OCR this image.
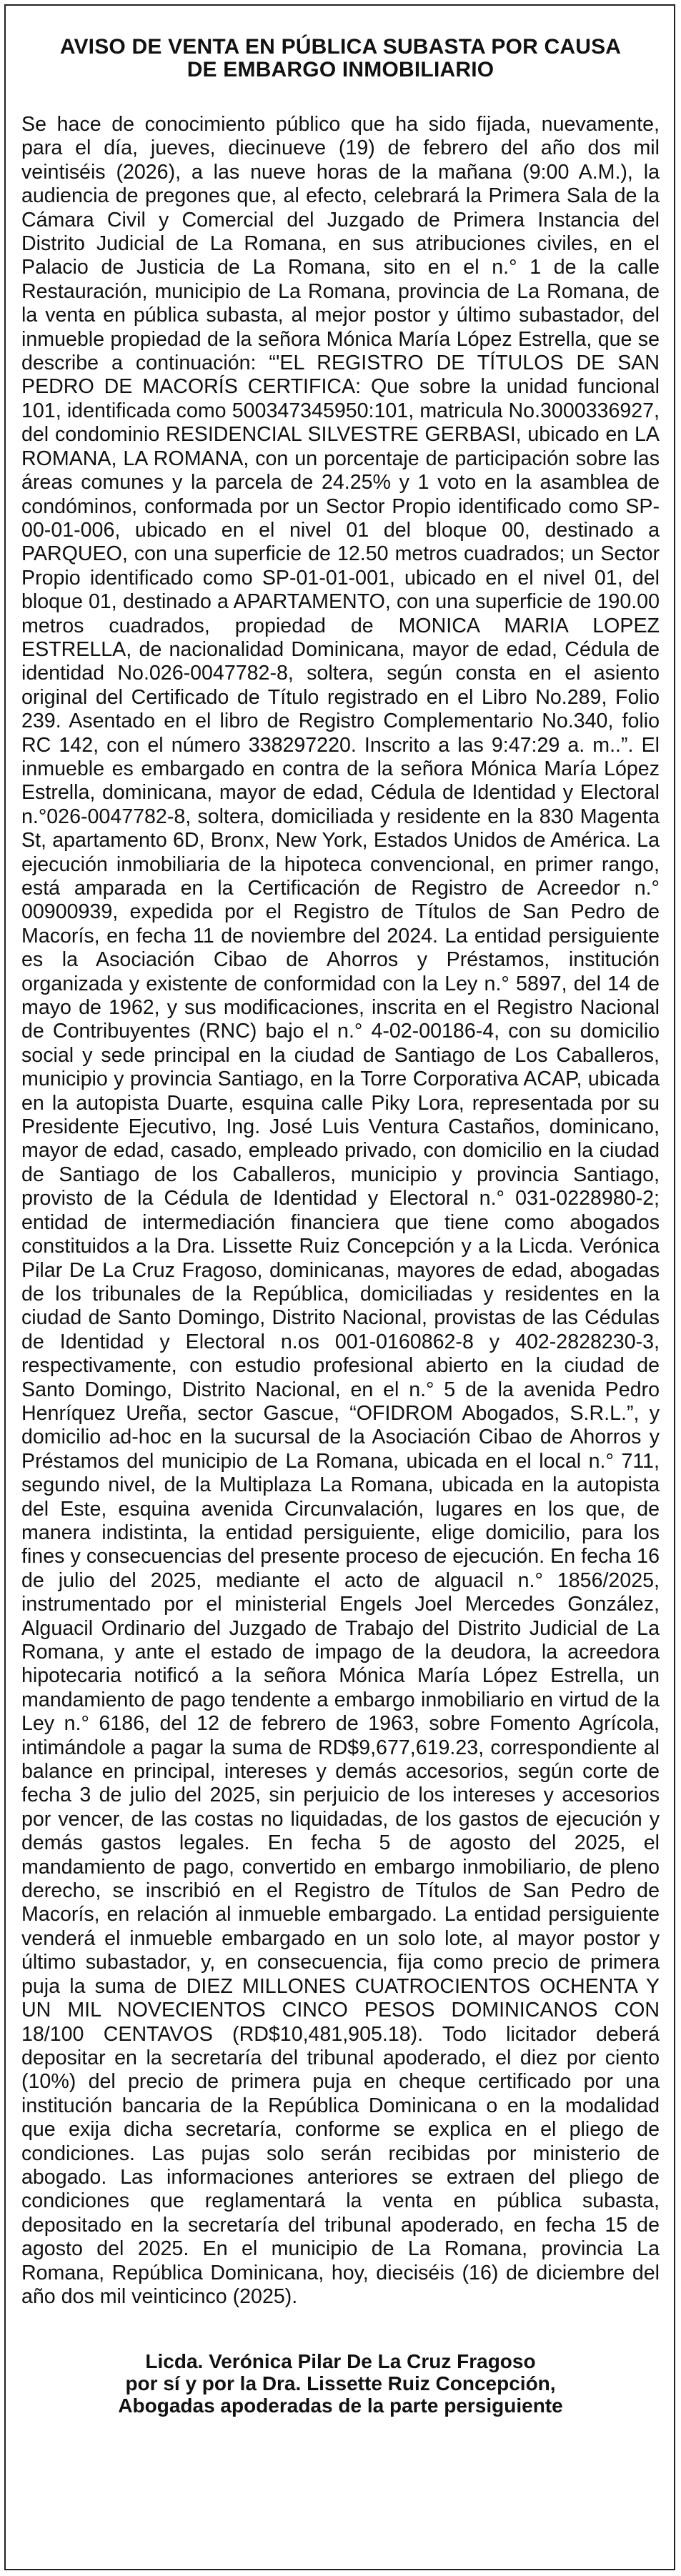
AVISO DE VENTA EN PÚBLICA SUBASTA POR CAUSA
DE EMBARGO INMOBILIARIO

Se hace de conocimiento público que ha sido fijada, nuevamente, para el día, jueves, diecinueve (19) de febrero del año dos mil veintiséis (2026), a las nueve horas de la mañana (9:00 A.M.), la audiencia de pregones que, al efecto, celebrará la Primera Sala de la Cámara Civil y Comercial del Juzgado de Primera Instancia del Distrito Judicial de La Romana, en sus atribuciones civiles, en el Palacio de Justicia de La Romana, sito en el n.° 1 de la calle Restauración, municipio de La Romana, provincia de La Romana, de la venta en pública subasta, al mejor postor y último subastador, del inmueble propiedad de la señora Mónica María López Estrella, que se describe a continuación: “'EL REGISTRO DE TÍTULOS DE SAN PEDRO DE MACORÍS CERTIFICA: Que sobre la unidad funcional 101, identificada como 500347345950:101, matricula No.3000336927, del condominio RESIDENCIAL SILVESTRE GERBASI, ubicado en LA ROMANA, LA ROMANA, con un porcentaje de participación sobre las áreas comunes y la parcela de 24.25% y 1 voto en la asamblea de condóminos, conformada por un Sector Propio identificado como SP-00-01-006, ubicado en el nivel 01 del bloque 00, destinado a PARQUEO, con una superficie de 12.50 metros cuadrados; un Sector Propio identificado como SP-01-01-001, ubicado en el nivel 01, del bloque 01, destinado a APARTAMENTO, con una superficie de 190.00 metros cuadrados, propiedad de MONICA MARIA LOPEZ ESTRELLA, de nacionalidad Dominicana, mayor de edad, Cédula de identidad No.026-0047782-8, soltera, según consta en el asiento original del Certificado de Título registrado en el Libro No.289, Folio 239. Asentado en el libro de Registro Complementario No.340, folio RC 142, con el número 338297220. Inscrito a las 9:47:29 a. m..”. El inmueble es embargado en contra de la señora Mónica María López Estrella, dominicana, mayor de edad, Cédula de Identidad y Electoral n.°026-0047782-8, soltera, domiciliada y residente en la 830 Magenta St, apartamento 6D, Bronx, New York, Estados Unidos de América. La ejecución inmobiliaria de la hipoteca convencional, en primer rango, está amparada en la Certificación de Registro de Acreedor n.° 00900939, expedida por el Registro de Títulos de San Pedro de Macorís, en fecha 11 de noviembre del 2024. La entidad persiguiente es la Asociación Cibao de Ahorros y Préstamos, institución organizada y existente de conformidad con la Ley n.° 5897, del 14 de mayo de 1962, y sus modificaciones, inscrita en el Registro Nacional de Contribuyentes (RNC) bajo el n.° 4-02-00186-4, con su domicilio social y sede principal en la ciudad de Santiago de Los Caballeros, municipio y provincia Santiago, en la Torre Corporativa ACAP, ubicada en la autopista Duarte, esquina calle Piky Lora, representada por su Presidente Ejecutivo, Ing. José Luis Ventura Castaños, dominicano, mayor de edad, casado, empleado privado, con domicilio en la ciudad de Santiago de los Caballeros, municipio y provincia Santiago, provisto de la Cédula de Identidad y Electoral n.° 031-0228980-2; entidad de intermediación financiera que tiene como abogados constituidos a la Dra. Lissette Ruiz Concepción y a la Licda. Verónica Pilar De La Cruz Fragoso, dominicanas, mayores de edad, abogadas de los tribunales de la República, domiciliadas y residentes en la ciudad de Santo Domingo, Distrito Nacional, provistas de las Cédulas de Identidad y Electoral n.os 001-0160862-8 y 402-2828230-3, respectivamente, con estudio profesional abierto en la ciudad de Santo Domingo, Distrito Nacional, en el n.° 5 de la avenida Pedro Henríquez Ureña, sector Gascue, “OFIDROM Abogados, S.R.L.”, y domicilio ad-hoc en la sucursal de la Asociación Cibao de Ahorros y Préstamos del municipio de La Romana, ubicada en el local n.° 711, segundo nivel, de la Multiplaza La Romana, ubicada en la autopista del Este, esquina avenida Circunvalación, lugares en los que, de manera indistinta, la entidad persiguiente, elige domicilio, para los fines y consecuencias del presente proceso de ejecución. En fecha 16 de julio del 2025, mediante el acto de alguacil n.° 1856/2025, instrumentado por el ministerial Engels Joel Mercedes González, Alguacil Ordinario del Juzgado de Trabajo del Distrito Judicial de La Romana, y ante el estado de impago de la deudora, la acreedora hipotecaria notificó a la señora Mónica María López Estrella, un mandamiento de pago tendente a embargo inmobiliario en virtud de la Ley n.° 6186, del 12 de febrero de 1963, sobre Fomento Agrícola, intimándole a pagar la suma de RD$9,677,619.23, correspondiente al balance en principal, intereses y demás accesorios, según corte de fecha 3 de julio del 2025, sin perjuicio de los intereses y accesorios por vencer, de las costas no liquidadas, de los gastos de ejecución y demás gastos legales. En fecha 5 de agosto del 2025, el mandamiento de pago, convertido en embargo inmobiliario, de pleno derecho, se inscribió en el Registro de Títulos de San Pedro de Macorís, en relación al inmueble embargado. La entidad persiguiente venderá el inmueble embargado en un solo lote, al mayor postor y último subastador, y, en consecuencia, fija como precio de primera puja la suma de DIEZ MILLONES CUATROCIENTOS OCHENTA Y UN MIL NOVECIENTOS CINCO PESOS DOMINICANOS CON 18/100 CENTAVOS (RD$10,481,905.18). Todo licitador deberá depositar en la secretaría del tribunal apoderado, el diez por ciento (10%) del precio de primera puja en cheque certificado por una institución bancaria de la República Dominicana o en la modalidad que exija dicha secretaría, conforme se explica en el pliego de condiciones. Las pujas solo serán recibidas por ministerio de abogado. Las informaciones anteriores se extraen del pliego de condiciones que reglamentará la venta en pública subasta, depositado en la secretaría del tribunal apoderado, en fecha 15 de agosto del 2025. En el municipio de La Romana, provincia La Romana, República Dominicana, hoy, dieciséis (16) de diciembre del año dos mil veinticinco (2025).

Licda. Verónica Pilar De La Cruz Fragoso
por sí y por la Dra. Lissette Ruiz Concepción,
Abogadas apoderadas de la parte persiguiente
